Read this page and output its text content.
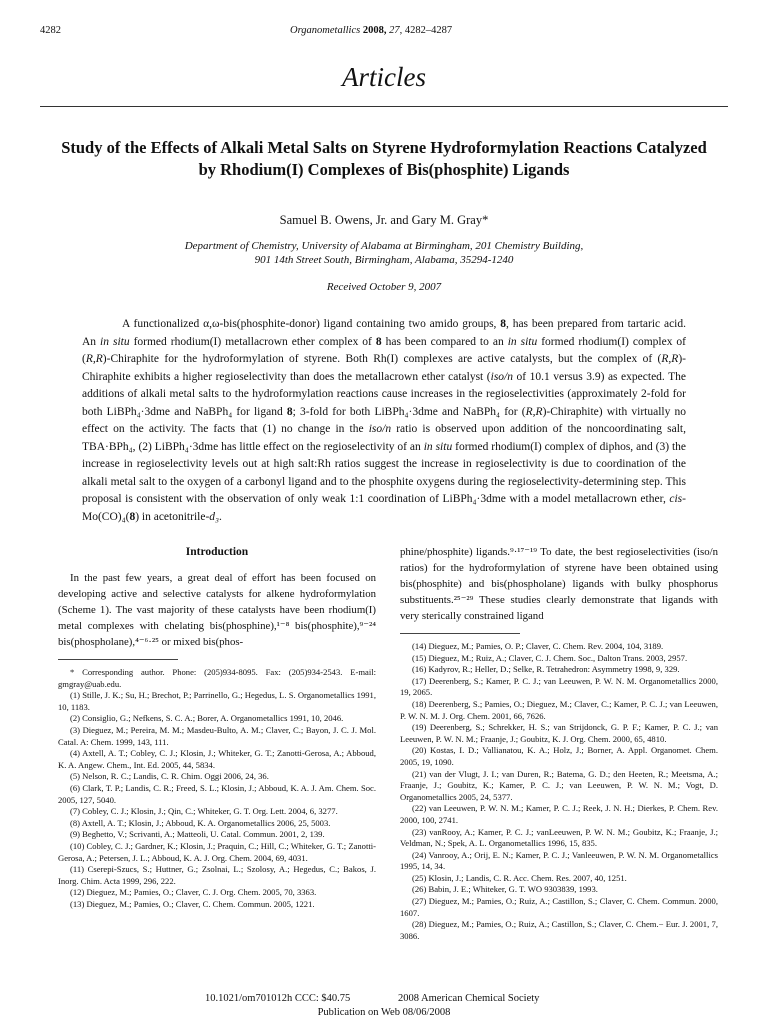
4282	Organometallics 2008, 27, 4282–4287
Articles
Study of the Effects of Alkali Metal Salts on Styrene Hydroformylation Reactions Catalyzed by Rhodium(I) Complexes of Bis(phosphite) Ligands
Samuel B. Owens, Jr. and Gary M. Gray*
Department of Chemistry, University of Alabama at Birmingham, 201 Chemistry Building,
901 14th Street South, Birmingham, Alabama, 35294-1240
Received October 9, 2007
A functionalized α,ω-bis(phosphite-donor) ligand containing two amido groups, 8, has been prepared from tartaric acid. An in situ formed rhodium(I) metallacrown ether complex of 8 has been compared to an in situ formed rhodium(I) complex of (R,R)-Chiraphite for the hydroformylation of styrene. Both Rh(I) complexes are active catalysts, but the complex of (R,R)-Chiraphite exhibits a higher regioselectivity than does the metallacrown ether catalyst (iso/n of 10.1 versus 3.9) as expected. The additions of alkali metal salts to the hydroformylation reactions cause increases in the regioselectivities (approximately 2-fold for both LiBPh₄·3dme and NaBPh₄ for ligand 8; 3-fold for both LiBPh₄·3dme and NaBPh₄ for (R,R)-Chiraphite) with virtually no effect on the activity. The facts that (1) no change in the iso/n ratio is observed upon addition of the noncoordinating salt, TBA·BPh₄, (2) LiBPh₄·3dme has little effect on the regioselectivity of an in situ formed rhodium(I) complex of diphos, and (3) the increase in regioselectivity levels out at high salt:Rh ratios suggest the increase in regioselectivity is due to coordination of the alkali metal salt to the oxygen of a carbonyl ligand and to the phosphite oxygens during the regioselectivity-determining step. This proposal is consistent with the observation of only weak 1:1 coordination of LiBPh₄·3dme with a model metallacrown ether, cis-Mo(CO)₄(8) in acetonitrile-d₃.
Introduction

In the past few years, a great deal of effort has been focused on developing active and selective catalysts for alkene hydroformylation (Scheme 1). The vast majority of these catalysts have been rhodium(I) metal complexes with chelating bis(phosphine),¹⁻⁸ bis(phosphite),⁹⁻²⁴ bis(phospholane),⁴⁻⁶·²⁵ or mixed bis(phos-

* Corresponding author. Phone: (205)934-8095. Fax: (205)934-2543. E-mail: gmgray@uab.edu.

(1) Stille, J. K.; Su, H.; Brechot, P.; Parrinello, G.; Hegedus, L. S. Organometallics 1991, 10, 1183.

(2) Consiglio, G.; Nefkens, S. C. A.; Borer, A. Organometallics 1991, 10, 2046.

(3) Dieguez, M.; Pereira, M. M.; Masdeu-Bulto, A. M.; Claver, C.; Bayon, J. C. J. Mol. Catal. A: Chem. 1999, 143, 111.

(4) Axtell, A. T.; Cobley, C. J.; Klosin, J.; Whiteker, G. T.; Zanotti-Gerosa, A.; Abboud, K. A. Angew. Chem., Int. Ed. 2005, 44, 5834.

(5) Nelson, R. C.; Landis, C. R. Chim. Oggi 2006, 24, 36.

(6) Clark, T. P.; Landis, C. R.; Freed, S. L.; Klosin, J.; Abboud, K. A. J. Am. Chem. Soc. 2005, 127, 5040.

(7) Cobley, C. J.; Klosin, J.; Qin, C.; Whiteker, G. T. Org. Lett. 2004, 6, 3277.

(8) Axtell, A. T.; Klosin, J.; Abboud, K. A. Organometallics 2006, 25, 5003.

(9) Beghetto, V.; Scrivanti, A.; Matteoli, U. Catal. Commun. 2001, 2, 139.

(10) Cobley, C. J.; Gardner, K.; Klosin, J.; Praquin, C.; Hill, C.; Whiteker, G. T.; Zanotti-Gerosa, A.; Petersen, J. L.; Abboud, K. A. J. Org. Chem. 2004, 69, 4031.

(11) Cserepi-Szucs, S.; Huttner, G.; Zsolnai, L.; Szolosy, A.; Hegedus, C.; Bakos, J. Inorg. Chim. Acta 1999, 296, 222.

(12) Dieguez, M.; Pamies, O.; Claver, C. J. Org. Chem. 2005, 70, 3363.

(13) Dieguez, M.; Pamies, O.; Claver, C. Chem. Commun. 2005, 1221.

phine/phosphite) ligands.⁹·¹⁷⁻¹⁹ To date, the best regioselectivities (iso/n ratios) for the hydroformylation of styrene have been obtained using bis(phosphite) and bis(phospholane) ligands with bulky phosphorus substituents.²⁵⁻²⁹ These studies clearly demonstrate that ligands with very sterically constrained ligand

(14) Dieguez, M.; Pamies, O. P.; Claver, C. Chem. Rev. 2004, 104, 3189.

(15) Dieguez, M.; Ruiz, A.; Claver, C. J. Chem. Soc., Dalton Trans. 2003, 2957.

(16) Kadyrov, R.; Heller, D.; Selke, R. Tetrahedron: Asymmetry 1998, 9, 329.

(17) Deerenberg, S.; Kamer, P. C. J.; van Leeuwen, P. W. N. M. Organometallics 2000, 19, 2065.

(18) Deerenberg, S.; Pamies, O.; Dieguez, M.; Claver, C.; Kamer, P. C. J.; van Leeuwen, P. W. N. M. J. Org. Chem. 2001, 66, 7626.

(19) Deerenberg, S.; Schrekker, H. S.; van Strijdonck, G. P. F.; Kamer, P. C. J.; van Leeuwen, P. W. N. M.; Fraanje, J.; Goubitz, K. J. Org. Chem. 2000, 65, 4810.

(20) Kostas, I. D.; Vallianatou, K. A.; Holz, J.; Borner, A. Appl. Organomet. Chem. 2005, 19, 1090.

(21) van der Vlugt, J. I.; van Duren, R.; Batema, G. D.; den Heeten, R.; Meetsma, A.; Fraanje, J.; Goubitz, K.; Kamer, P. C. J.; van Leeuwen, P. W. N. M.; Vogt, D. Organometallics 2005, 24, 5377.

(22) van Leeuwen, P. W. N. M.; Kamer, P. C. J.; Reek, J. N. H.; Dierkes, P. Chem. Rev. 2000, 100, 2741.

(23) vanRooy, A.; Kamer, P. C. J.; vanLeeuwen, P. W. N. M.; Goubitz, K.; Fraanje, J.; Veldman, N.; Spek, A. L. Organometallics 1996, 15, 835.

(24) Vanrooy, A.; Orij, E. N.; Kamer, P. C. J.; Vanleeuwen, P. W. N. M. Organometallics 1995, 14, 34.

(25) Klosin, J.; Landis, C. R. Acc. Chem. Res. 2007, 40, 1251.

(26) Babin, J. E.; Whiteker, G. T. WO 9303839, 1993.

(27) Dieguez, M.; Pamies, O.; Ruiz, A.; Castillon, S.; Claver, C. Chem. Commun. 2000, 1607.

(28) Dieguez, M.; Pamies, O.; Ruiz, A.; Castillon, S.; Claver, C. Chem.− Eur. J. 2001, 7, 3086.

10.1021/om701012h CCC: $40.75	2008 American Chemical Society
Publication on Web 08/06/2008
